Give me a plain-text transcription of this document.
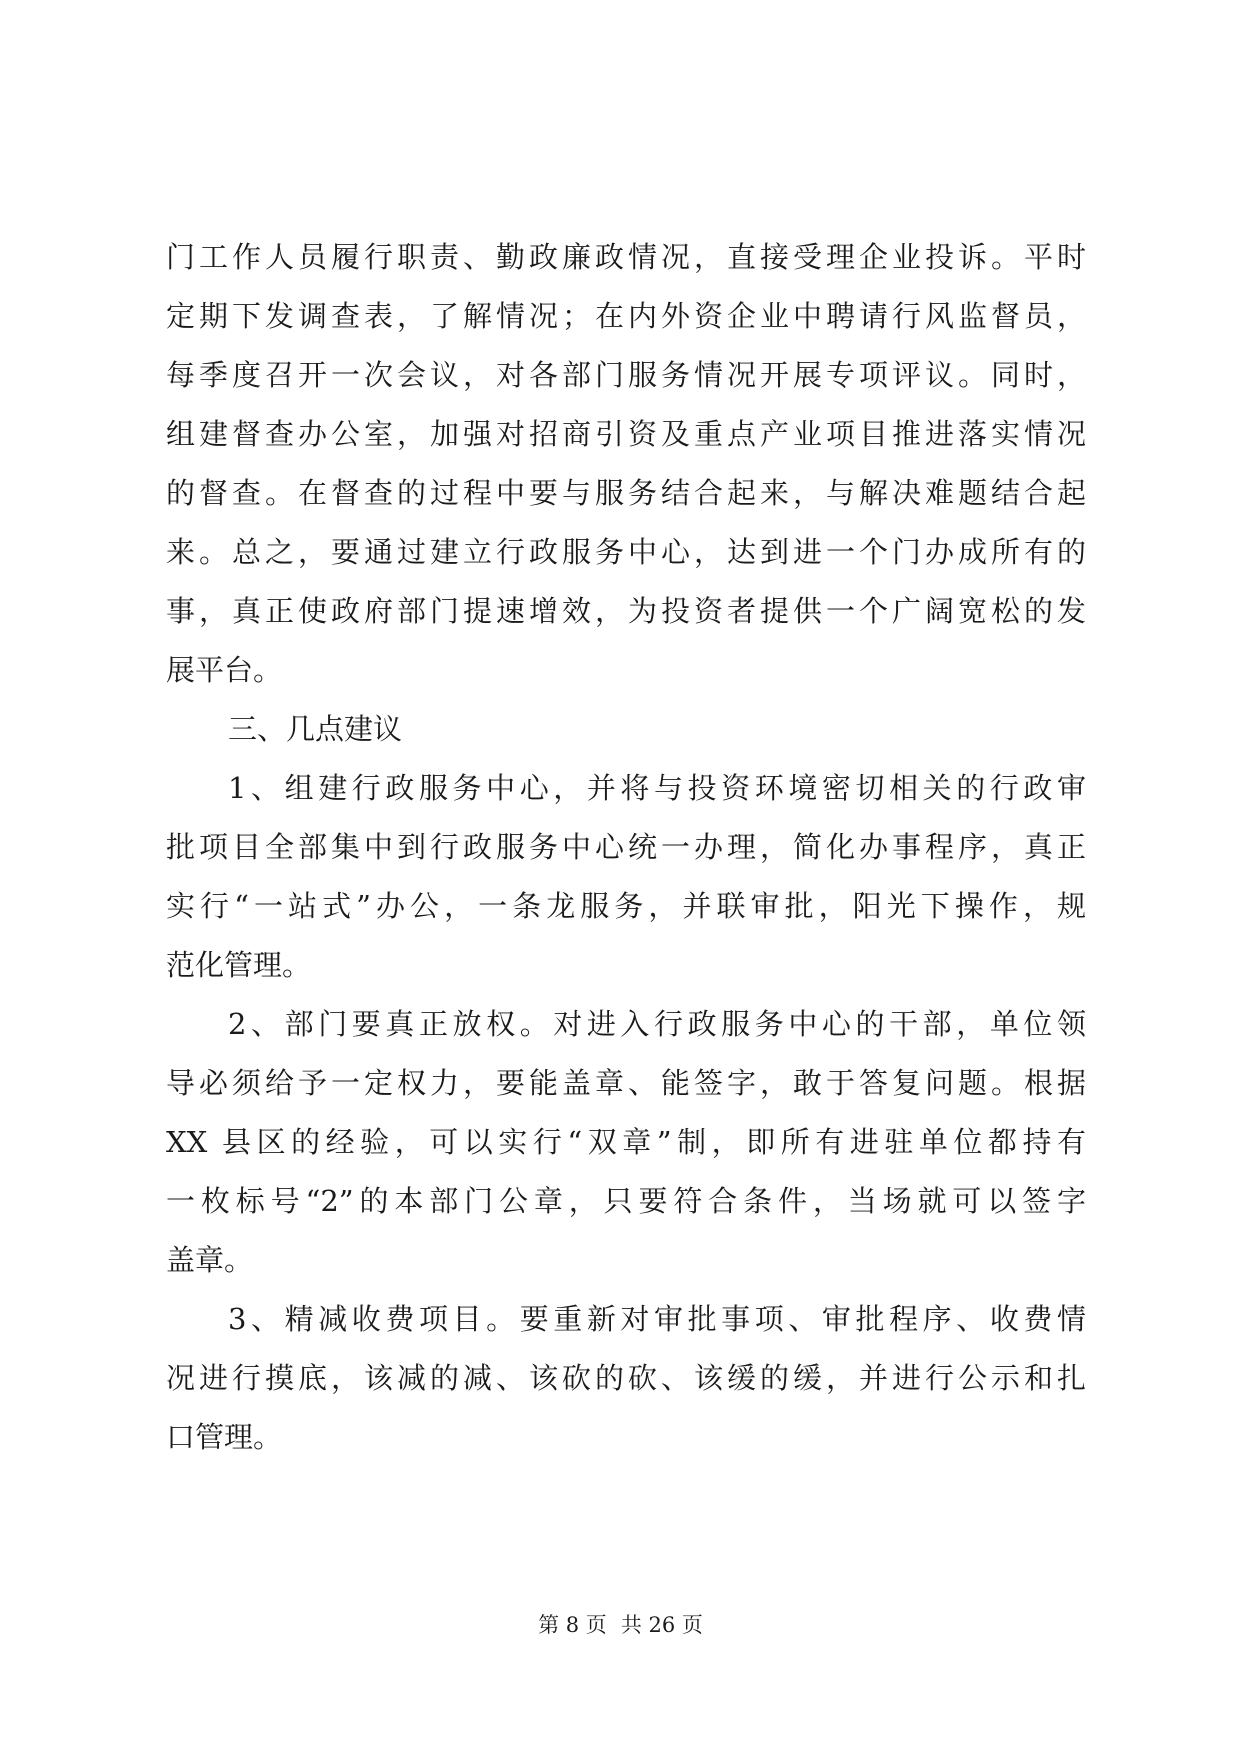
门工作人员履行职责、勤政廉政情况，直接受理企业投诉。平时
定期下发调查表，了解情况；在内外资企业中聘请行风监督员，
每季度召开一次会议，对各部门服务情况开展专项评议。同时，
组建督查办公室，加强对招商引资及重点产业项目推进落实情况
的督查。在督查的过程中要与服务结合起来，与解决难题结合起
来。总之，要通过建立行政服务中心，达到进一个门办成所有的
事，真正使政府部门提速增效，为投资者提供一个广阔宽松的发
展平台。
三、几点建议
1、组建行政服务中心，并将与投资环境密切相关的行政审
批项目全部集中到行政服务中心统一办理，简化办事程序，真正
实行“一站式”办公，一条龙服务，并联审批，阳光下操作，规
范化管理。
2、部门要真正放权。对进入行政服务中心的干部，单位领
导必须给予一定权力，要能盖章、能签字，敢于答复问题。根据
XX 县区的经验，可以实行“双章”制，即所有进驻单位都持有
一枚标号“2”的本部门公章，只要符合条件，当场就可以签字
盖章。
3、精减收费项目。要重新对审批事项、审批程序、收费情
况进行摸底，该减的减、该砍的砍、该缓的缓，并进行公示和扎
口管理。
第 8 页 共 26 页
